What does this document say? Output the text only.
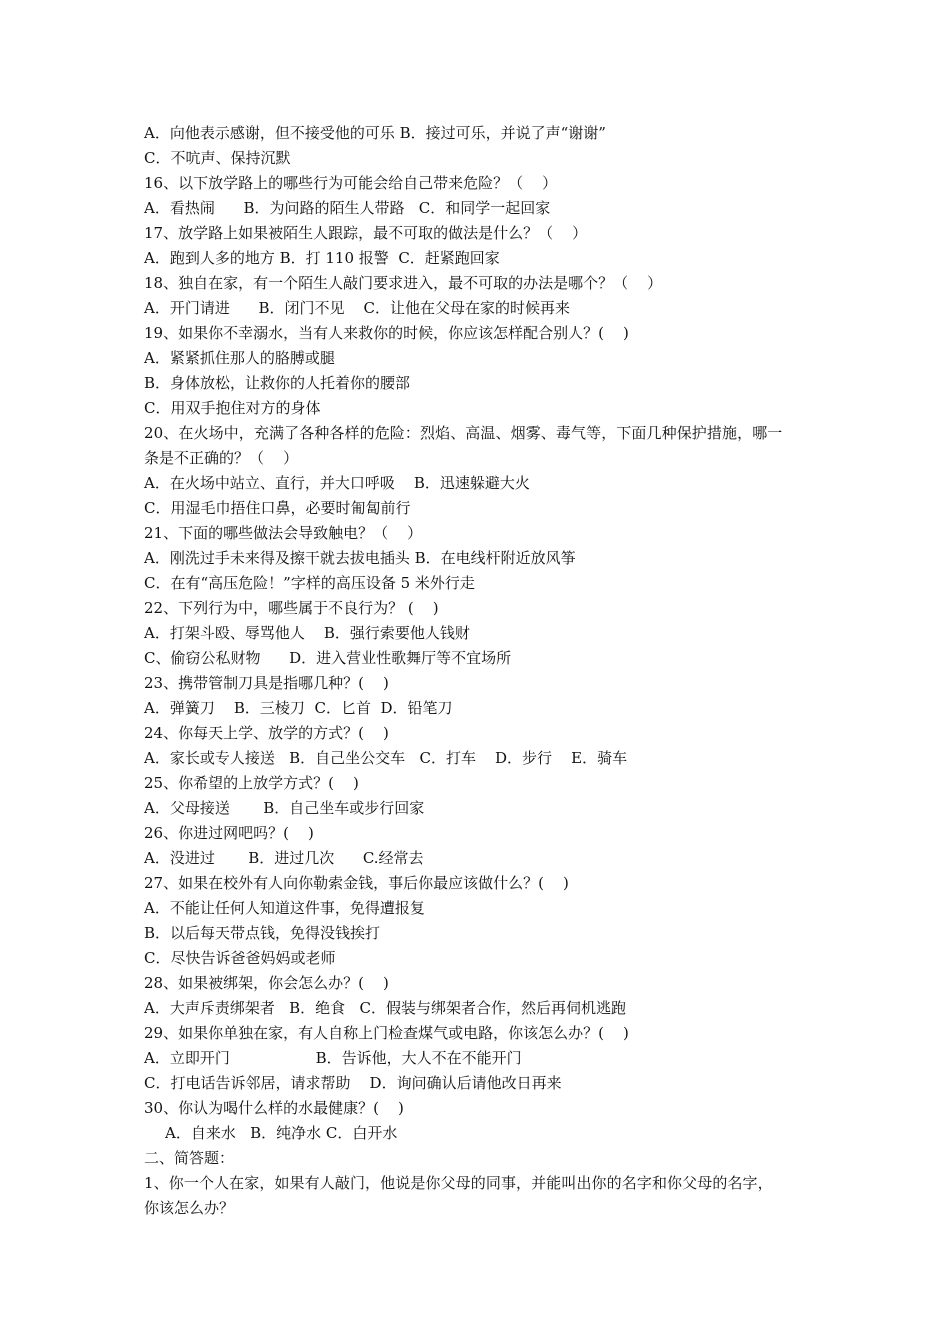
A．向他表示感谢，但不接受他的可乐 B．接过可乐，并说了声“谢谢”
C．不吭声、保持沉默
16、以下放学路上的哪些行为可能会给自己带来危险？（    ）
A．看热闹      B．为问路的陌生人带路   C．和同学一起回家
17、放学路上如果被陌生人跟踪，最不可取的做法是什么？（    ）
A．跑到人多的地方 B．打 110 报警  C．赶紧跑回家
18、独自在家，有一个陌生人敲门要求进入，最不可取的办法是哪个？（    ）
A．开门请进      B．闭门不见    C．让他在父母在家的时候再来
19、如果你不幸溺水，当有人来救你的时候，你应该怎样配合别人？(    )
A．紧紧抓住那人的胳膊或腿
B．身体放松，让救你的人托着你的腰部
C．用双手抱住对方的身体
20、在火场中，充满了各种各样的危险：烈焰、高温、烟雾、毒气等，下面几种保护措施，哪一
条是不正确的？（    ）
A．在火场中站立、直行，并大口呼吸    B．迅速躲避大火
C．用湿毛巾捂住口鼻，必要时匍匐前行
21、下面的哪些做法会导致触电？（    ）
A．刚洗过手未来得及擦干就去拔电插头 B．在电线杆附近放风筝
C．在有“高压危险！”字样的高压设备 5 米外行走
22、下列行为中，哪些属于不良行为？ (    )
A．打架斗殴、辱骂他人    B．强行索要他人钱财
C、偷窃公私财物      D．进入营业性歌舞厅等不宜场所
23、携带管制刀具是指哪几种？(    )
A．弹簧刀    B．三棱刀  C．匕首  D．铅笔刀
24、你每天上学、放学的方式？(    )
A．家长或专人接送   B．自己坐公交车   C．打车    D．步行    E．骑车
25、你希望的上放学方式？(    )
A．父母接送       B．自己坐车或步行回家
26、你进过网吧吗？(    )
A．没进过       B．进过几次      C.经常去
27、如果在校外有人向你勒索金钱，事后你最应该做什么？(    )
A．不能让任何人知道这件事，免得遭报复
B．以后每天带点钱，免得没钱挨打
C．尽快告诉爸爸妈妈或老师
28、如果被绑架，你会怎么办？(    )
A．大声斥责绑架者   B．绝食   C．假装与绑架者合作，然后再伺机逃跑
29、如果你单独在家，有人自称上门检查煤气或电路，你该怎么办？(    )
A．立即开门                  B．告诉他，大人不在不能开门
C．打电话告诉邻居，请求帮助    D．询问确认后请他改日再来
30、你认为喝什么样的水最健康？(    )
A．自来水   B．纯净水 C．白开水
二、简答题：
1、你一个人在家，如果有人敲门，他说是你父母的同事，并能叫出你的名字和你父母的名字，
你该怎么办？
